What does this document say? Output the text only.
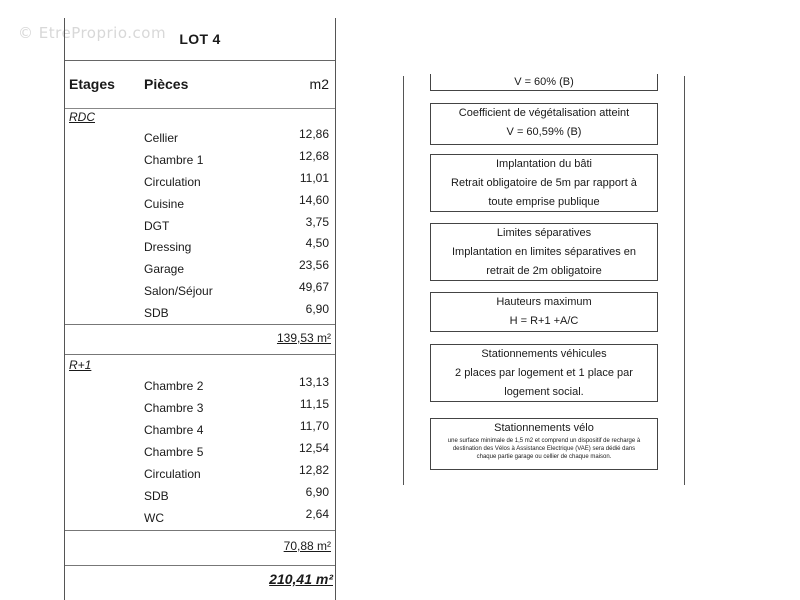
© EtreProprio.com LOT 4
Etages Pièces	m2
RDC
Cellier	12,86
Chambre 1	12,68
Circulation	11,01
Cuisine	14,60
DGT	3,75
Dressing	4,50
Garage	23,56
Salon/Séjour	49,67
SDB	6,90
139,53 m²
R+1
Chambre 2	13,13
Chambre 3	11,15
Chambre 4	11,70
Chambre 5	12,54
Circulation	12,82
SDB	6,90
WC	2,64
70,88 m²
210,41 m²
V = 60% (B)
Coefficient de végétalisation atteint
V = 60,59% (B)
Implantation du bâti
Retrait obligatoire de 5m par rapport à
toute emprise publique
Limites séparatives
Implantation en limites séparatives en
retrait de 2m obligatoire
Hauteurs maximum
H = R+1 +A/C
Stationnements véhicules
2 places par logement et 1 place par
logement social.
Stationnements vélo
une surface minimale de 1,5 m2 et comprend un dispositif de recharge à
destination des Vélos à Assistance Electrique (VAE) sera dédié dans
chaque partie garage ou cellier de chaque maison.
